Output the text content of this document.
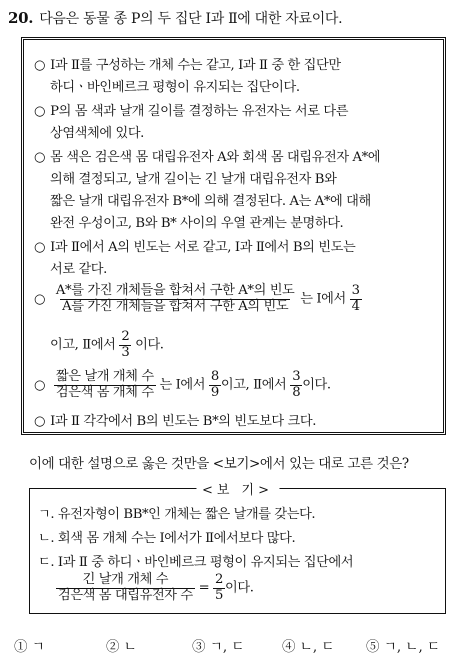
20. 다음은 동물 종 P의 두 집단 Ⅰ과 Ⅱ에 대한 자료이다.
○ Ⅰ과 Ⅱ를 구성하는 개체 수는 같고, Ⅰ과 Ⅱ 중 한 집단만
하디ㆍ바인베르크 평형이 유지되는 집단이다.
○ P의 몸 색과 날개 길이를 결정하는 유전자는 서로 다른
상염색체에 있다.
○ 몸 색은 검은색 몸 대립유전자 A와 회색 몸 대립유전자 A*에
의해 결정되고, 날개 길이는 긴 날개 대립유전자 B와
짧은 날개 대립유전자 B*에 의해 결정된다. A는 A*에 대해
완전 우성이고, B와 B* 사이의 우열 관계는 분명하다.
○ Ⅰ과 Ⅱ에서 A의 빈도는 서로 같고, Ⅰ과 Ⅱ에서 B의 빈도는
서로 같다.
○ $\frac{\text{A*를 가진 개체들을 합쳐서 구한 A*의 빈도}}{\text{A를 가진 개체들을 합쳐서 구한 A의 빈도}}$ 는 Ⅰ에서 $\frac{3}{4}$
이고, Ⅱ에서 $\frac{2}{3}$ 이다.
○ $\frac{\text{짧은 날개 개체 수}}{\text{검은색 몸 개체 수}}$ 는 Ⅰ에서 $\frac{8}{9}$ 이고, Ⅱ에서 $\frac{3}{8}$ 이다.
○ Ⅰ과 Ⅱ 각각에서 B의 빈도는 B*의 빈도보다 크다.
이에 대한 설명으로 옳은 것만을 <보기>에서 있는 대로 고른 것은?
<보 기>
ㄱ. 유전자형이 BB*인 개체는 짧은 날개를 갖는다.
ㄴ. 회색 몸 개체 수는 Ⅰ에서가 Ⅱ에서보다 많다.
ㄷ. Ⅰ과 Ⅱ 중 하디ㆍ바인베르크 평형이 유지되는 집단에서
$\frac{\text{긴 날개 개체 수}}{\text{검은색 몸 대립유전자 수}} = \frac{2}{5}$ 이다.
① ㄱ	② ㄴ	③ ㄱ, ㄷ	④ ㄴ, ㄷ ⑤ ㄱ, ㄴ, ㄷ
